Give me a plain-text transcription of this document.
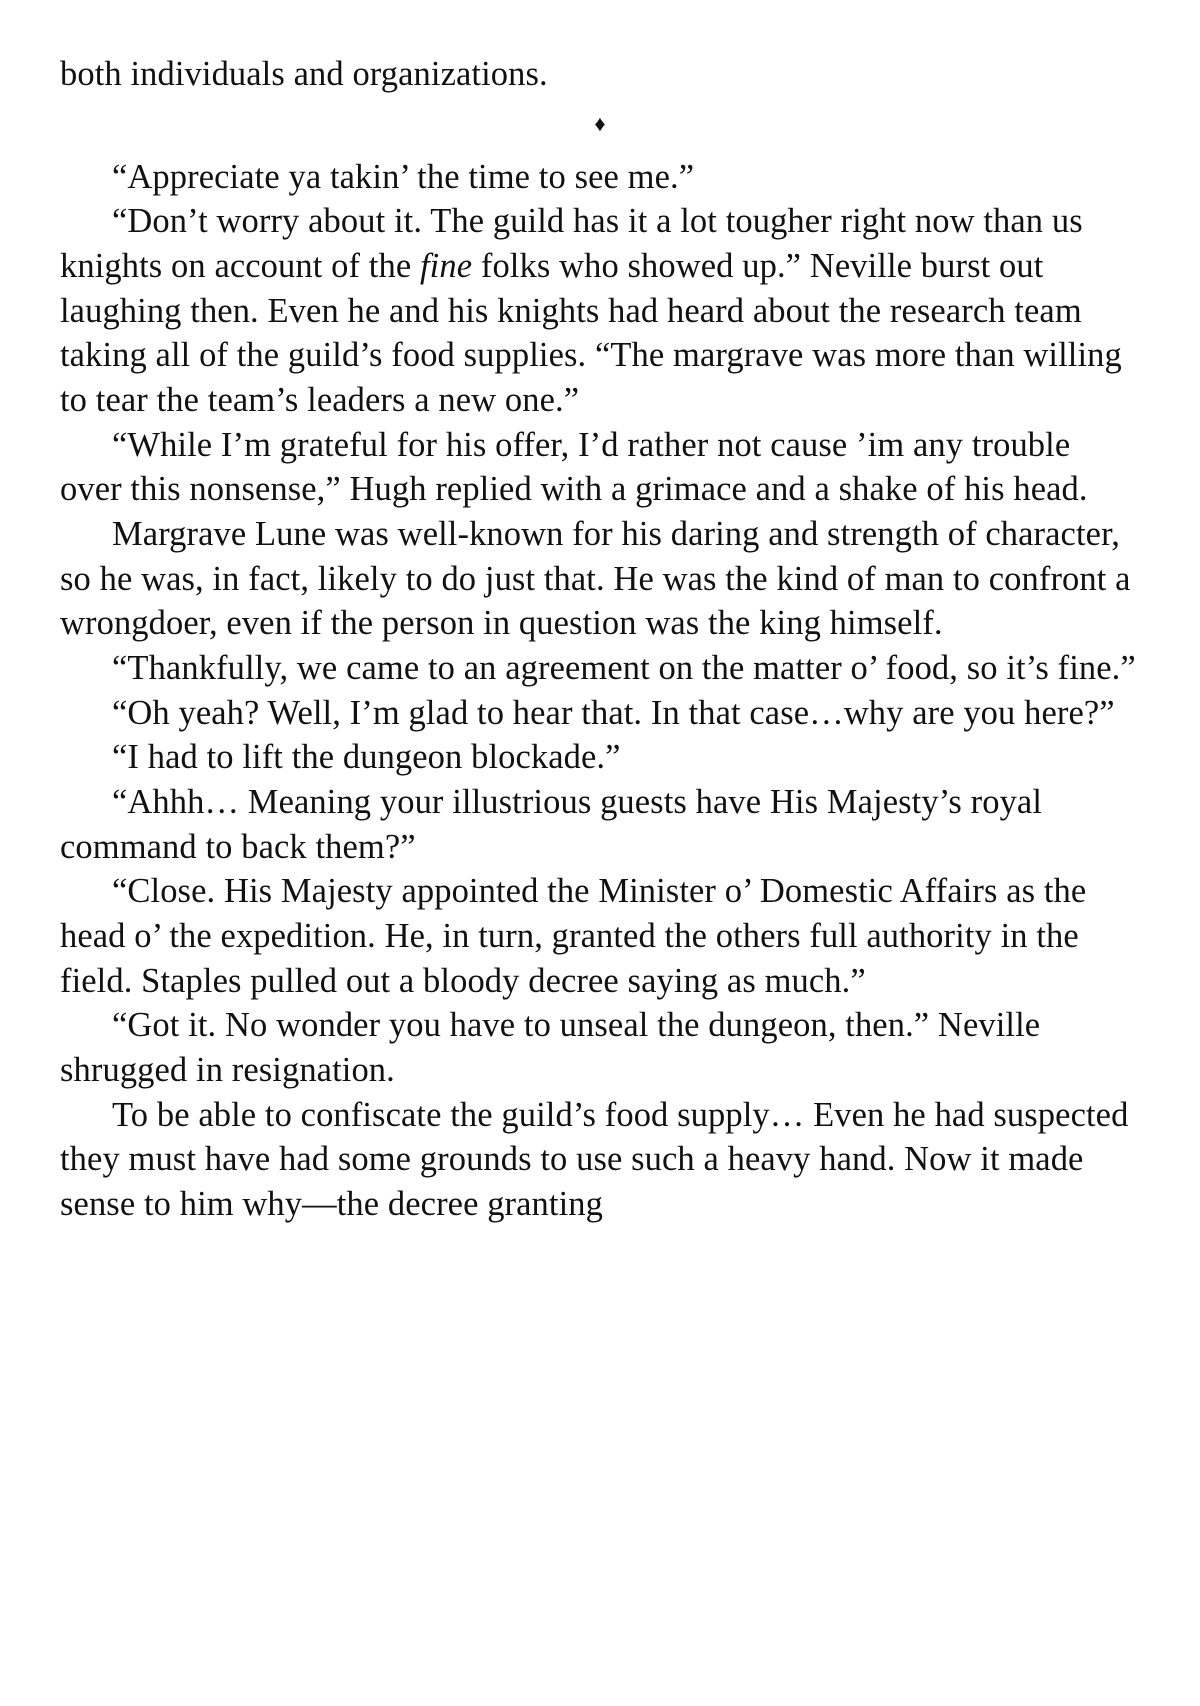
both individuals and organizations.

♦

“Appreciate ya takin’ the time to see me.”

“Don’t worry about it. The guild has it a lot tougher right now than us knights on account of the fine folks who showed up.” Neville burst out laughing then. Even he and his knights had heard about the research team taking all of the guild’s food supplies. “The margrave was more than willing to tear the team’s leaders a new one.”

“While I’m grateful for his offer, I’d rather not cause ’im any trouble over this nonsense,” Hugh replied with a grimace and a shake of his head.

Margrave Lune was well-known for his daring and strength of character, so he was, in fact, likely to do just that. He was the kind of man to confront a wrongdoer, even if the person in question was the king himself.

“Thankfully, we came to an agreement on the matter o’ food, so it’s fine.”

“Oh yeah? Well, I’m glad to hear that. In that case…why are you here?”

“I had to lift the dungeon blockade.”

“Ahhh… Meaning your illustrious guests have His Majesty’s royal command to back them?”

“Close. His Majesty appointed the Minister o’ Domestic Affairs as the head o’ the expedition. He, in turn, granted the others full authority in the field. Staples pulled out a bloody decree saying as much.”

“Got it. No wonder you have to unseal the dungeon, then.” Neville shrugged in resignation.

To be able to confiscate the guild’s food supply… Even he had suspected they must have had some grounds to use such a heavy hand. Now it made sense to him why—the decree granting
